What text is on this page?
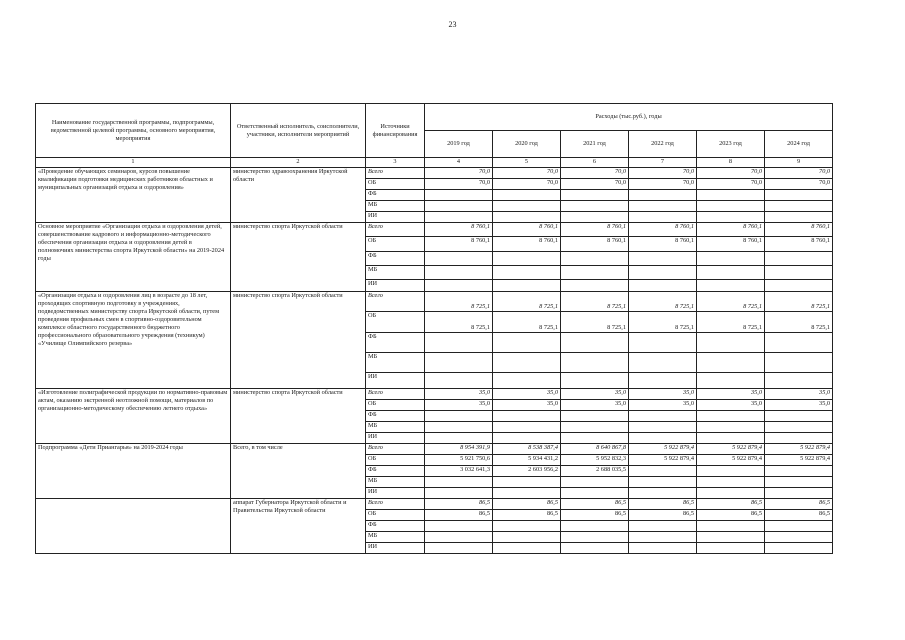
23
Наименование государственной программы, подпрограммы, ведомственной целевой программы, основного мероприятия, мероприятия	Ответственный исполнитель, соисполнители, участники, исполнители мероприятий	Источники финансирования	Расходы (тыс.руб.), годы					
			2019 год	2020 год	2021 год	2022 год	2023 год	2024 год
1	2	3	4	5	6	7	8	9
«Проведение обучающих семинаров, курсов повышение квалификации подготовки медицинских работников областных и муниципальных организаций отдыха и оздоровления»	министерство здравоохранения Иркутской области	Всего	70,0	70,0	70,0	70,0	70,0	70,0
		ОБ	70,0	70,0	70,0	70,0	70,0	70,0
		ФБ						
		МБ						
		ИИ						
Основное мероприятие «Организация отдыха и оздоровления детей, совершенствование кадрового и информационно-методического обеспечения организации отдыха и оздоровления детей в полномочиях министерства спорта Иркутской области» на 2019-2024 годы	министерство спорта Иркутской области	Всего	8 760,1	8 760,1	8 760,1	8 760,1	8 760,1	8 760,1
		ОБ	8 760,1	8 760,1	8 760,1	8 760,1	8 760,1	8 760,1
		ФБ						
		МБ						
		ИИ						
«Организация отдыха и оздоровления лиц в возрасте до 18 лет, проходящих спортивную подготовку в учреждениях, подведомственных министерству спорта Иркутской области, путем проведения профильных смен в спортивно-оздоровительном комплексе областного государственного бюджетного профессионального образовательного учреждения (техникум) «Училище Олимпийского резерва»	министерство спорта Иркутской области	Всего	8 725,1	8 725,1	8 725,1	8 725,1	8 725,1	8 725,1
		ОБ	8 725,1	8 725,1	8 725,1	8 725,1	8 725,1	8 725,1
		ФБ						
		МБ						
		ИИ						
«Изготовление полиграфической продукции по нормативно-правовым актам, оказанию экстренной неотложной помощи, материалов по организационно-методическому обеспечению летнего отдыха»	министерство спорта Иркутской области	Всего	35,0	35,0	35,0	35,0	35,0	35,0
		ОБ	35,0	35,0	35,0	35,0	35,0	35,0
		ФБ						
		МБ						
		ИИ						
Подпрограмма «Дети Приангарья» на 2019-2024 годы	Всего, в том числе	Всего	8 954 391,9	8 538 387,4	8 640 867,8	5 922 879,4	5 922 879,4	5 922 879,4
		ОБ	5 921 750,6	5 934 431,2	5 952 832,3	5 922 879,4	5 922 879,4	5 922 879,4
		ФБ	3 032 641,3	2 603 956,2	2 688 035,5			
		МБ						
		ИИ						
	аппарат Губернатора Иркутской области и Правительства Иркутской области	Всего	86,5	86,5	86,5	86,5	86,5	86,5
		ОБ	86,5	86,5	86,5	86,5	86,5	86,5
		ФБ						
		МБ						
		ИИ						
